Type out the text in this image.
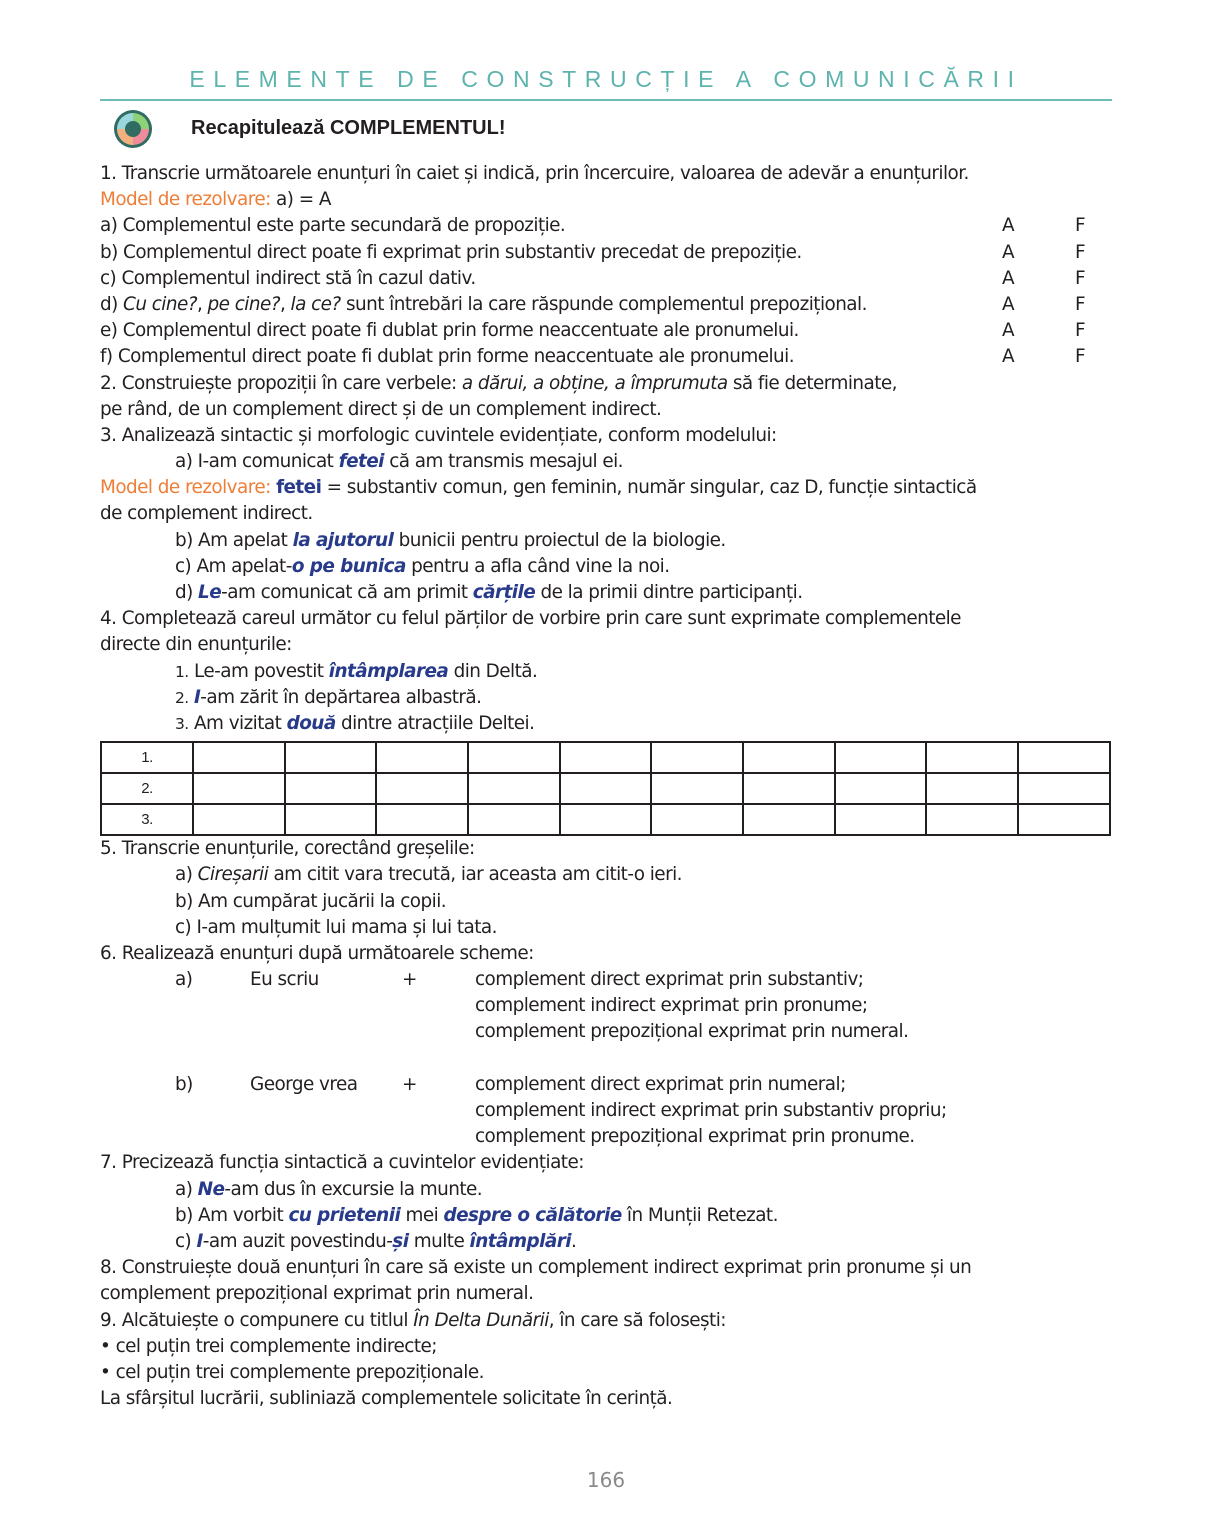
ELEMENTE DE CONSTRUCȚIE A COMUNICĂRII
Recapitulează COMPLEMENTUL!
1. Transcrie următoarele enunțuri în caiet și indică, prin încercuire, valoarea de adevăr a enunțurilor.
Model de rezolvare: a) = A
a) Complementul este parte secundară de propoziție.	A	F
b) Complementul direct poate fi exprimat prin substantiv precedat de prepoziție.	A	F
c) Complementul indirect stă în cazul dativ.	A	F
d) Cu cine?, pe cine?, la ce? sunt întrebări la care răspunde complementul prepozițional.	A	F
e) Complementul direct poate fi dublat prin forme neaccentuate ale pronumelui.	A	F
f) Complementul direct poate fi dublat prin forme neaccentuate ale pronumelui.	A	F
2. Construiește propoziții în care verbele: a dărui, a obține, a împrumuta să fie determinate,
pe rând, de un complement direct și de un complement indirect.
3. Analizează sintactic și morfologic cuvintele evidențiate, conform modelului:
a) I-am comunicat fetei că am transmis mesajul ei.
Model de rezolvare: fetei = substantiv comun, gen feminin, număr singular, caz D, funcție sintactică
de complement indirect.
b) Am apelat la ajutorul bunicii pentru proiectul de la biologie.
c) Am apelat-o pe bunica pentru a afla când vine la noi.
d) Le-am comunicat că am primit cărțile de la primii dintre participanți.
4. Completează careul următor cu felul părților de vorbire prin care sunt exprimate complementele
directe din enunțurile:
1. Le-am povestit întâmplarea din Deltă.
2. I-am zărit în depărtarea albastră.
3. Am vizitat două dintre atracțiile Deltei.
1.										
2.										
3.										
5. Transcrie enunțurile, corectând greșelile:
a) Cireșarii am citit vara trecută, iar aceasta am citit-o ieri.
b) Am cumpărat jucării la copii.
c) I-am mulțumit lui mama și lui tata.
6. Realizează enunțuri după următoarele scheme:
a)	Eu scriu	+	complement direct exprimat prin substantiv;
complement indirect exprimat prin pronume;
complement prepozițional exprimat prin numeral.
b)	George vrea +	complement direct exprimat prin numeral;
complement indirect exprimat prin substantiv propriu;
complement prepozițional exprimat prin pronume.
7. Precizează funcția sintactică a cuvintelor evidențiate:
a) Ne-am dus în excursie la munte.
b) Am vorbit cu prietenii mei despre o călătorie în Munții Retezat.
c) I-am auzit povestindu-și multe întâmplări.
8. Construiește două enunțuri în care să existe un complement indirect exprimat prin pronume și un
complement prepozițional exprimat prin numeral.
9. Alcătuiește o compunere cu titlul În Delta Dunării, în care să folosești:
• cel puțin trei complemente indirecte;
• cel puțin trei complemente prepoziționale.
La sfârșitul lucrării, subliniază complementele solicitate în cerință.
166
